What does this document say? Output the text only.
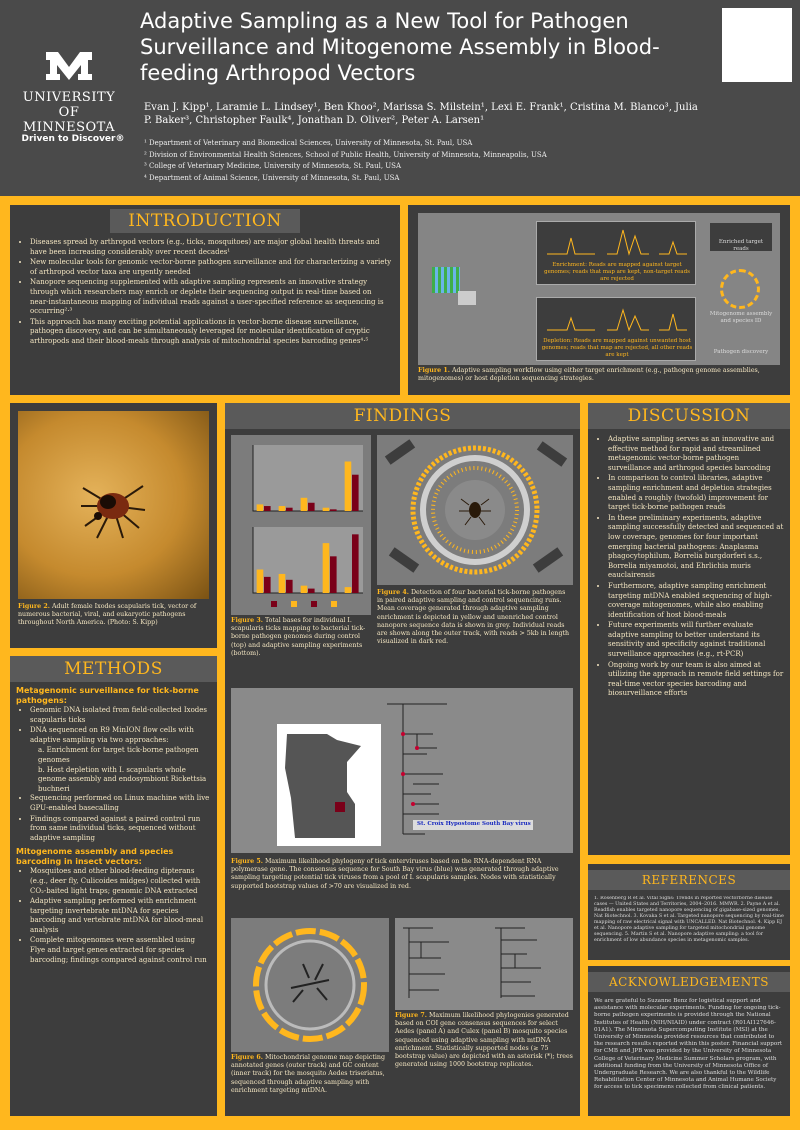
UNIVERSITY
OF MINNESOTA
Driven to Discover®
Adaptive Sampling as a New Tool for Pathogen Surveillance and Mitogenome Assembly in Blood-feeding Arthropod Vectors
Evan J. Kipp¹, Laramie L. Lindsey¹, Ben Khoo², Marissa S. Milstein¹, Lexi E. Frank¹, Cristina M. Blanco³, Julia P. Baker³, Christopher Faulk⁴, Jonathan D. Oliver², Peter A. Larsen¹
¹ Department of Veterinary and Biomedical Sciences, University of Minnesota, St. Paul, USA
² Division of Environmental Health Sciences, School of Public Health, University of Minnesota, Minneapolis, USA
³ College of Veterinary Medicine, University of Minnesota, St. Paul, USA
⁴ Department of Animal Science, University of Minnesota, St. Paul, USA
INTRODUCTION
• Diseases spread by arthropod vectors (e.g., ticks, mosquitoes) are major global health threats and have been increasing considerably over recent decades¹
• New molecular tools for genomic vector-borne pathogen surveillance and for characterizing a variety of arthropod vector taxa are urgently needed
• Nanopore sequencing supplemented with adaptive sampling represents an innovative strategy through which researchers may enrich or deplete their sequencing output in real-time based on near-instantaneous mapping of individual reads against a user-specified reference as sequencing is occurring²·³
• This approach has many exciting potential applications in vector-borne disease surveillance, pathogen discovery, and can be simultaneously leveraged for molecular identification of cryptic arthropods and their blood-meals through analysis of mitochondrial species barcoding genes⁴·⁵
Enrichment: Reads are mapped against target genomes; reads that map are kept, non-target reads are rejected
Depletion: Reads are mapped against unwanted host genomes; reads that map are rejected, all other reads are kept
Enriched target reads
Mitogenome assembly and species ID
Pathogen discovery
Figure 1. Adaptive sampling workflow using either target enrichment (e.g., pathogen genome assemblies, mitogenomes) or host depletion sequencing strategies.
Figure 2. Adult female Ixodes scapularis tick, vector of numerous bacterial, viral, and eukaryotic pathogens throughout North America. (Photo: S. Kipp)
FINDINGS
Figure 3. Total bases for individual I. scapularis ticks mapping to bacterial tick-borne pathogen genomes during control (top) and adaptive sampling experiments (bottom).
Figure 4. Detection of four bacterial tick-borne pathogens in paired adaptive sampling and control sequencing runs. Mean coverage generated through adaptive sampling enrichment is depicted in yellow and unenriched control nanopore sequence data is shown in grey. Individual reads are shown along the outer track, with reads > 5kb in length visualized in dark red.
St. Croix Hypostome South Bay virus
Figure 5. Maximum likelihood phylogeny of tick enterviruses based on the RNA-dependent RNA polymerase gene. The consensus sequence for South Bay virus (blue) was generated through adaptive sampling targeting potential tick viruses from a pool of I. scapularis samples. Nodes with statistically supported bootstrap values of >70 are visualized in red.
Figure 6. Mitochondrial genome map depicting annotated genes (outer track) and GC content (inner track) for the mosquito Aedes triseriatus, sequenced through adaptive sampling with enrichment targeting mtDNA.
Figure 7. Maximum likelihood phylogenies generated based on COI gene consensus sequences for select Aedes (panel A) and Culex (panel B) mosquito species sequenced using adaptive sampling with mtDNA enrichment. Statistically supported nodes (≥ 75 bootstrap value) are depicted with an asterisk (*); trees generated using 1000 bootstrap replicates.
METHODS
Metagenomic surveillance for tick-borne pathogens:
• Genomic DNA isolated from field-collected Ixodes scapularis ticks
• DNA sequenced on R9 MinION flow cells with adaptive sampling via two approaches:
a. Enrichment for target tick-borne pathogen genomes
b. Host depletion with I. scapularis whole genome assembly and endosymbiont Rickettsia buchneri
• Sequencing performed on Linux machine with live GPU-enabled basecalling
• Findings compared against a paired control run from same individual ticks, sequenced without adaptive sampling
Mitogenome assembly and species barcoding in insect vectors:
• Mosquitoes and other blood-feeding dipterans (e.g., deer fly, Culicoides midges) collected with CO₂-baited light traps; genomic DNA extracted
• Adaptive sampling performed with enrichment targeting invertebrate mtDNA for species barcoding and vertebrate mtDNA for blood-meal analysis
• Complete mitogenomes were assembled using Flye and target genes extracted for species barcoding; findings compared against control run
DISCUSSION
• Adaptive sampling serves as an innovative and effective method for rapid and streamlined metagenomic vector-borne pathogen surveillance and arthropod species barcoding
• In comparison to control libraries, adaptive sampling enrichment and depletion strategies enabled a roughly (twofold) improvement for target tick-borne pathogen reads
• In these preliminary experiments, adaptive sampling successfully detected and sequenced at low coverage, genomes for four important emerging bacterial pathogens: Anaplasma phagocytophilum, Borrelia burgdorferi s.s., Borrelia miyamotoi, and Ehrlichia muris eauclairensis
• Furthermore, adaptive sampling enrichment targeting mtDNA enabled sequencing of high-coverage mitogenomes, while also enabling identification of host blood-meals
• Future experiments will further evaluate adaptive sampling to better understand its sensitivity and specificity against traditional surveillance approaches (e.g., rt-PCR)
• Ongoing work by our team is also aimed at utilizing the approach in remote field settings for real-time vector species barcoding and biosurveillance efforts
REFERENCES
1. Rosenberg R et al. Vital Signs: Trends in reported vectorborne disease cases — United States and Territories, 2004–2016. MMWR. 2. Payne A et al. Readfish enables targeted nanopore sequencing of gigabase-sized genomes. Nat Biotechnol. 3. Kovaka S et al. Targeted nanopore sequencing by real-time mapping of raw electrical signal with UNCALLED. Nat Biotechnol. 4. Kipp EJ et al. Nanopore adaptive sampling for targeted mitochondrial genome sequencing. 5. Martin S et al. Nanopore adaptive sampling: a tool for enrichment of low abundance species in metagenomic samples.
ACKNOWLEDGEMENTS
We are grateful to Suzanne Benz for logistical support and assistance with molecular experiments. Funding for ongoing tick-borne pathogen experiments is provided through the National Institutes of Health (NIH/NIAID) under contract (R01AI127646-01A1). The Minnesota Supercomputing Institute (MSI) at the University of Minnesota provided resources that contributed to the research results reported within this poster. Financial support for CMB and JPB was provided by the University of Minnesota College of Veterinary Medicine Summer Scholars program, with additional funding from the University of Minnesota Office of Undergraduate Research. We are also thankful to the Wildlife Rehabilitation Center of Minnesota and Animal Humane Society for access to tick specimens collected from clinical patients.
